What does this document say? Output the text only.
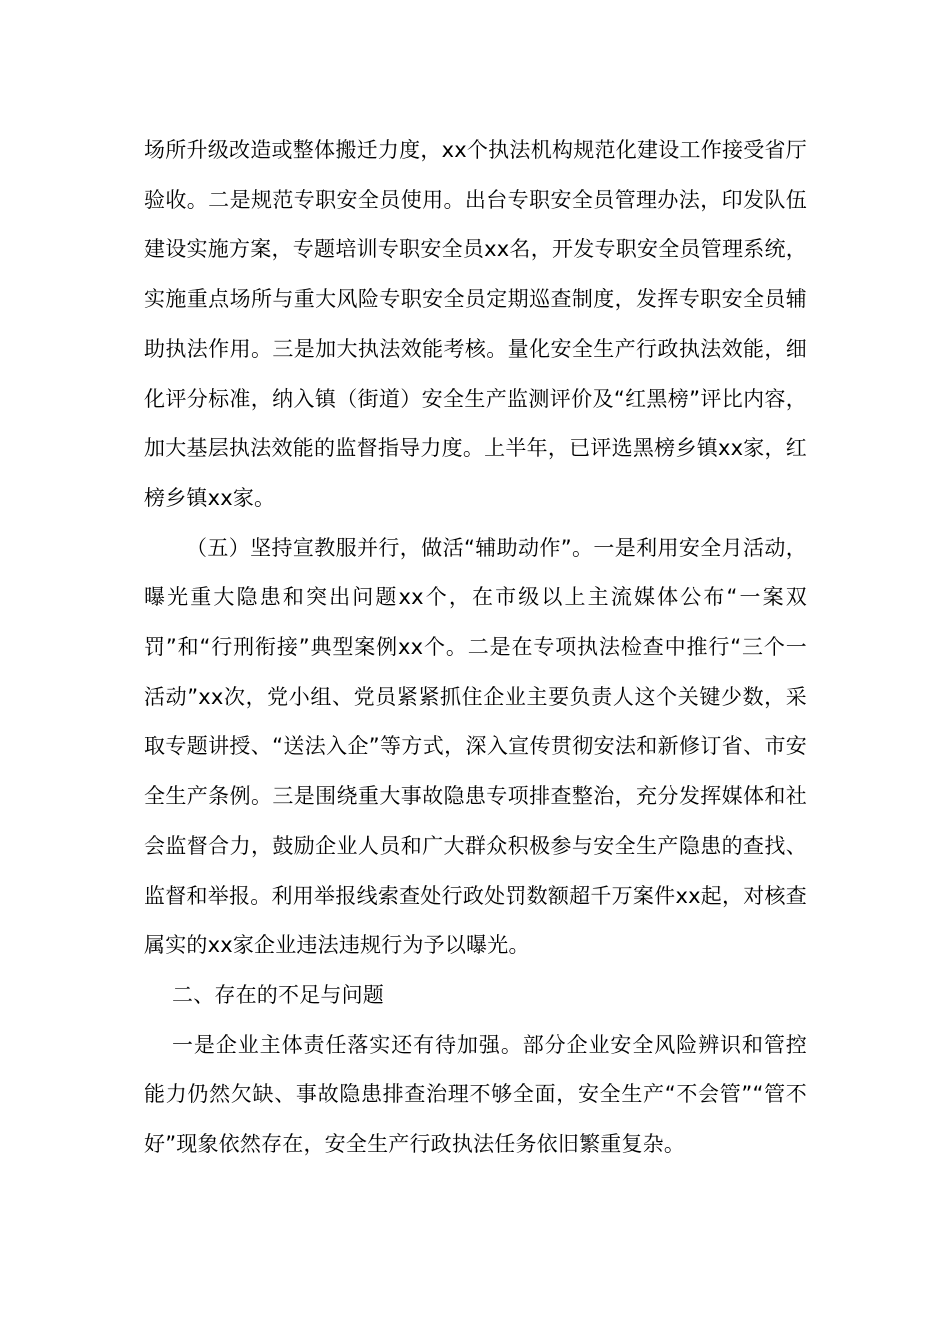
场所升级改造或整体搬迁力度，xx个执法机构规范化建设工作接受省厅验收。二是规范专职安全员使用。出台专职安全员管理办法，印发队伍建设实施方案，专题培训专职安全员xx名，开发专职安全员管理系统，实施重点场所与重大风险专职安全员定期巡查制度，发挥专职安全员辅助执法作用。三是加大执法效能考核。量化安全生产行政执法效能，细化评分标准，纳入镇（街道）安全生产监测评价及“红黑榜”评比内容，加大基层执法效能的监督指导力度。上半年，已评选黑榜乡镇xx家，红榜乡镇xx家。

（五）坚持宣教服并行，做活“辅助动作”。一是利用安全月活动，曝光重大隐患和突出问题xx个，在市级以上主流媒体公布“一案双罚”和“行刑衔接”典型案例xx个。二是在专项执法检查中推行“三个一活动”xx次，党小组、党员紧紧抓住企业主要负责人这个关键少数，采取专题讲授、“送法入企”等方式，深入宣传贯彻安法和新修订省、市安全生产条例。三是围绕重大事故隐患专项排查整治，充分发挥媒体和社会监督合力，鼓励企业人员和广大群众积极参与安全生产隐患的查找、监督和举报。利用举报线索查处行政处罚数额超千万案件xx起，对核查属实的xx家企业违法违规行为予以曝光。

二、存在的不足与问题

一是企业主体责任落实还有待加强。部分企业安全风险辨识和管控能力仍然欠缺、事故隐患排查治理不够全面，安全生产“不会管”“管不好”现象依然存在，安全生产行政执法任务依旧繁重复杂。
